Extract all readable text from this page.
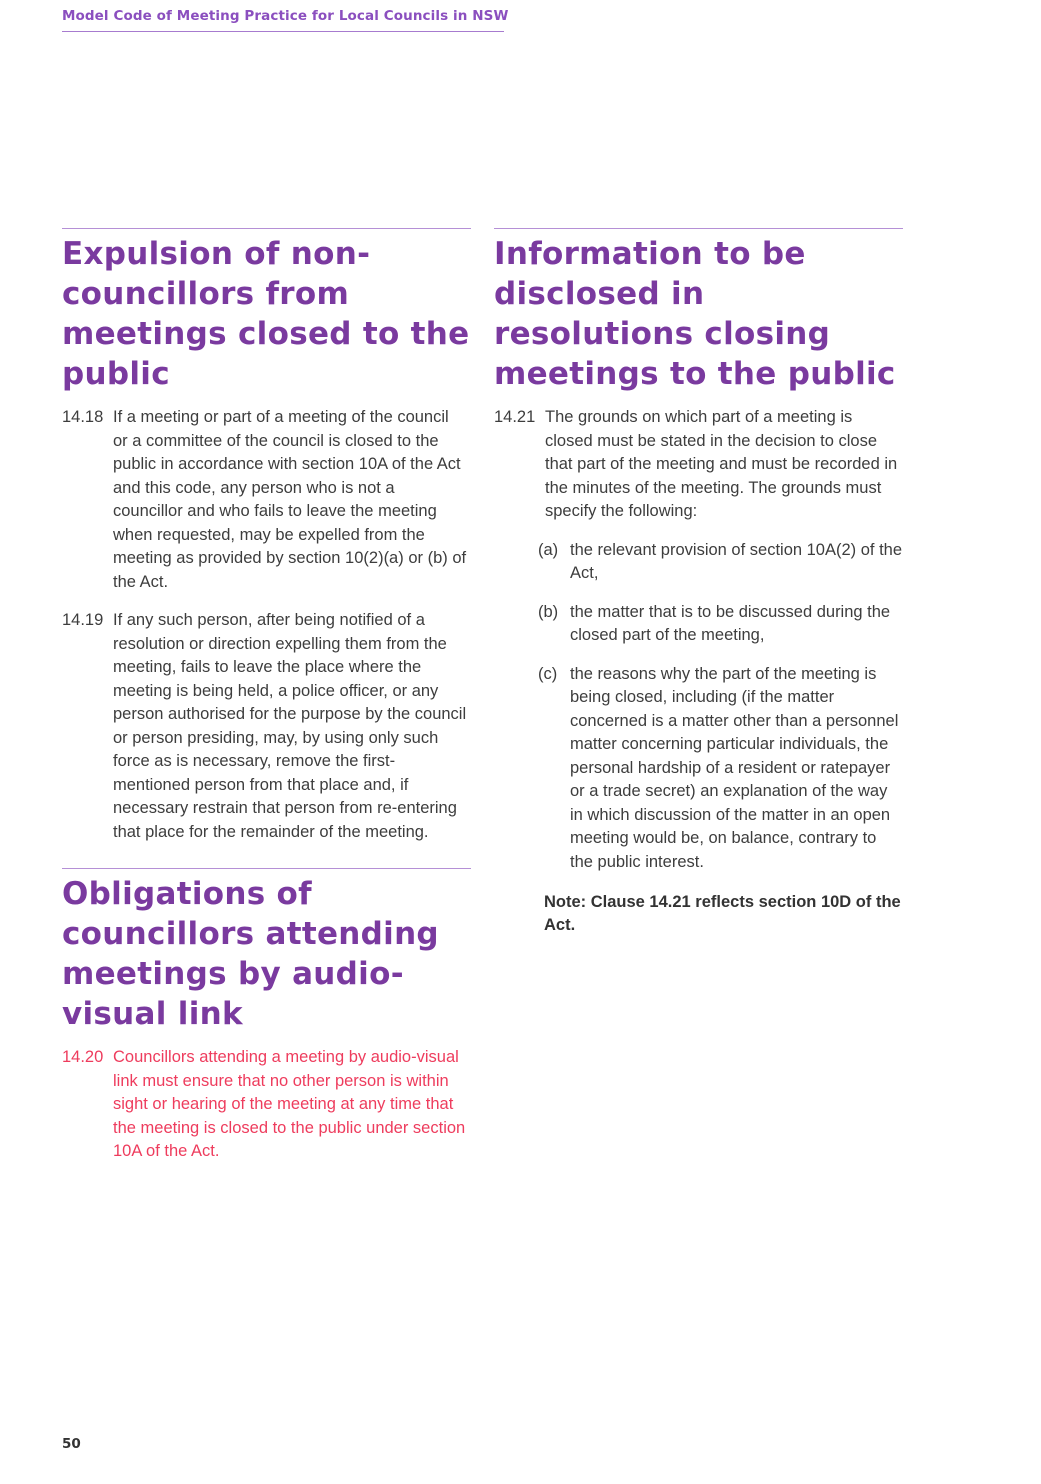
Model Code of Meeting Practice for Local Councils in NSW
Expulsion of non-councillors from meetings closed to the public
14.18 If a meeting or part of a meeting of the council or a committee of the council is closed to the public in accordance with section 10A of the Act and this code, any person who is not a councillor and who fails to leave the meeting when requested, may be expelled from the meeting as provided by section 10(2)(a) or (b) of the Act.
14.19 If any such person, after being notified of a resolution or direction expelling them from the meeting, fails to leave the place where the meeting is being held, a police officer, or any person authorised for the purpose by the council or person presiding, may, by using only such force as is necessary, remove the first-mentioned person from that place and, if necessary restrain that person from re-entering that place for the remainder of the meeting.
Obligations of councillors attending meetings by audio-visual link
14.20 Councillors attending a meeting by audio-visual link must ensure that no other person is within sight or hearing of the meeting at any time that the meeting is closed to the public under section 10A of the Act.
Information to be disclosed in resolutions closing meetings to the public
14.21 The grounds on which part of a meeting is closed must be stated in the decision to close that part of the meeting and must be recorded in the minutes of the meeting. The grounds must specify the following:
(a) the relevant provision of section 10A(2) of the Act,
(b) the matter that is to be discussed during the closed part of the meeting,
(c) the reasons why the part of the meeting is being closed, including (if the matter concerned is a matter other than a personnel matter concerning particular individuals, the personal hardship of a resident or ratepayer or a trade secret) an explanation of the way in which discussion of the matter in an open meeting would be, on balance, contrary to the public interest.

Note: Clause 14.21 reflects section 10D of the Act.

50
